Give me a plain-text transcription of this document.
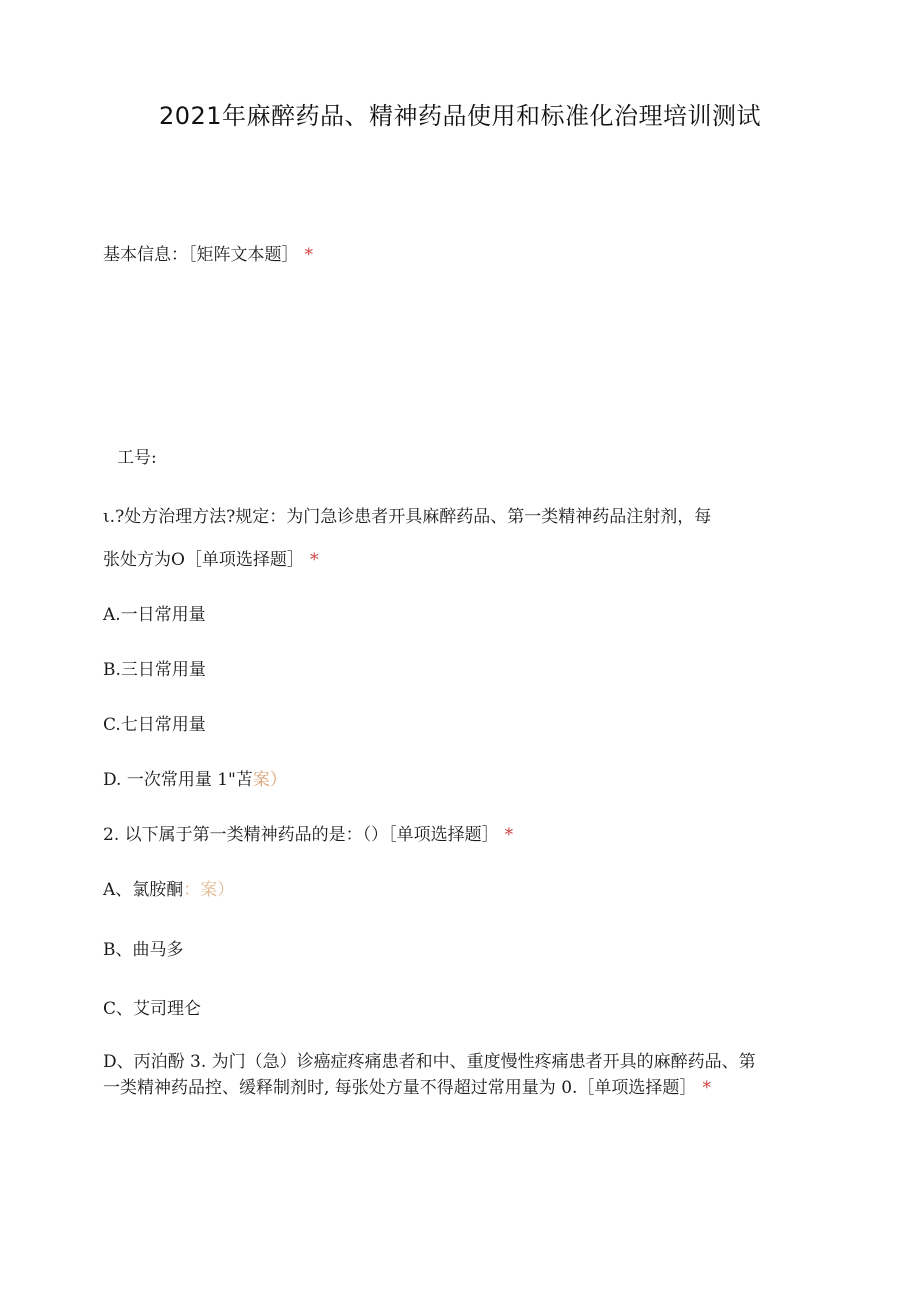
2021年麻醉药品、精神药品使用和标准化治理培训测试
基本信息：［矩阵文本题］ *
工号:
ι.?处方治理方法?规定：为门急诊患者开具麻醉药品、第一类精神药品注射剂，每
张处方为O［单项选择题］ *
A.一日常用量
B.三日常用量
C.七日常用量
D. 一次常用量 1"苫案）
2. 以下属于第一类精神药品的是：（）［单项选择题］ *
A、氯胺酮：案）
B、曲马多
C、艾司理仑
D、丙泊酚 3. 为门（急）诊癌症疼痛患者和中、重度慢性疼痛患者开具的麻醉药品、第
一类精神药品控、缓释制剂时, 每张处方量不得超过常用量为 0.［单项选择题］ *
